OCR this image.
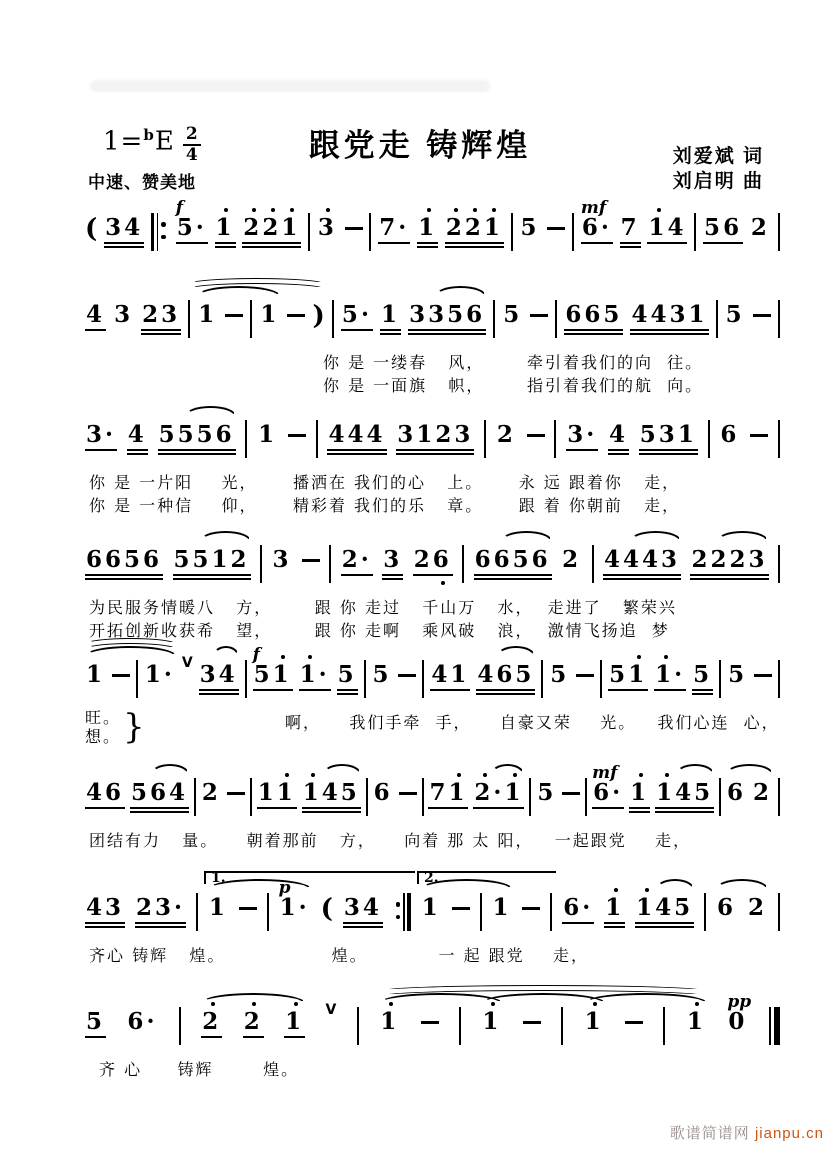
$1=^bE \frac{2}{4}$
中速、赞美地
跟党走 铸辉煌	刘爱斌 词
刘启明 曲
( 34
f
5· 1 2
2
1 3 7· 1 2
2
1 5
mf
6· 7 1
4 56 2
4 3 23 1 1 ) 5· 1 3356 5 665 4431 5
你 是 一缕春   风，      牵引着我们的向  往。
你 是 一面旗   帜，      指引着我们的航  向。
3· 4 5556 1 444 3123 2 3· 4 531 6
你 是 一片阳    光，     播洒在 我们的心   上。     永 远 跟着你   走，
你 是 一种信    仰，     精彩着 我们的乐   章。     跟 着 你朝前   走，
6656 5512 3 2· 3 26 6656 2 4443 2223
为民服务情暖八   方，      跟 你 走过   千山万   水，  走进了   繁荣兴
开拓创新收获希   望，      跟 你 走啊   乘风破   浪，  激情飞扬追  梦
1 1· V 34
f
51 1
· 5 5 41 465 5 51 1
· 5 5
旺。
想。 }	啊，    我们手牵  手，    自豪又荣    光。   我们心连  心，
46 564 2 11 1
45 6 71 2
·1 5
mf
6· 1 1
45 6 2
团结有力   量。    朝着那前   方，    向着 那 太 阳，   一起跟党    走，
43 23· 1
p
1· ( 34 1 1 6· 1 1
45 6 2
1.	2.
齐心 铸辉   煌。               煌。          一 起 跟党    走，
5 6· 2 2 1 V 1	1	1	1
pp
0
齐 心     铸辉       煌。
歌谱简谱网 jianpu.cn
